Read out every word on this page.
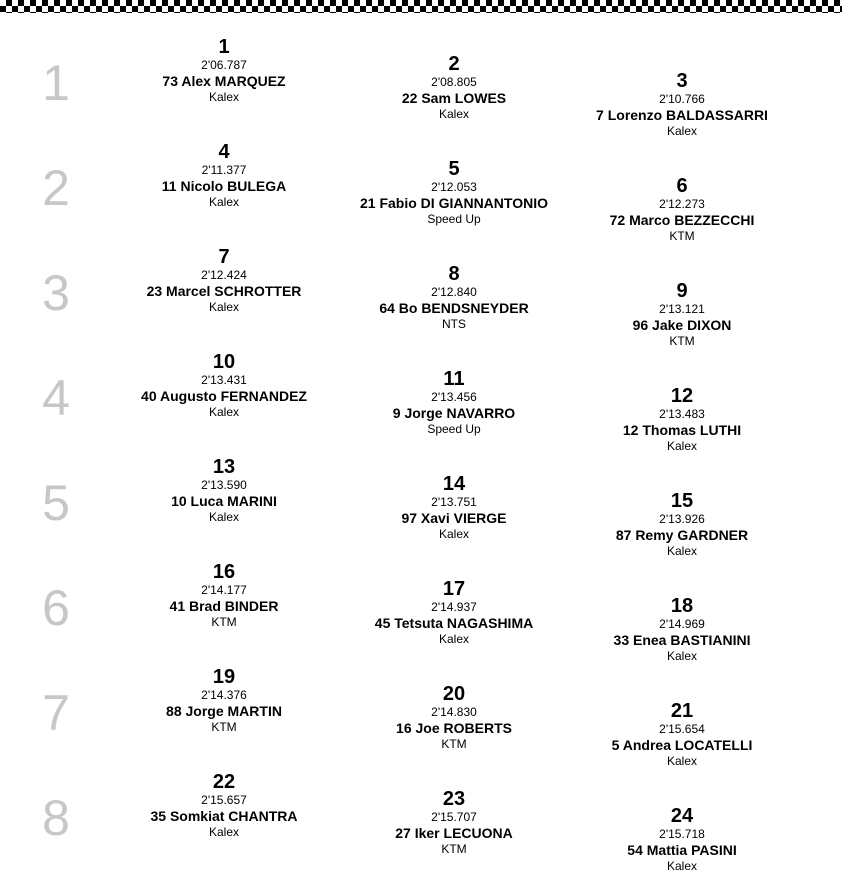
1
1
2'06.787
73 Alex MARQUEZ
Kalex
2
2'08.805
22 Sam LOWES
Kalex
3
2'10.766
7 Lorenzo BALDASSARRI
Kalex
2
4
2'11.377
11 Nicolo BULEGA
Kalex
5
2'12.053
21 Fabio DI GIANNANTONIO
Speed Up
6
2'12.273
72 Marco BEZZECCHI
KTM
3
7
2'12.424
23 Marcel SCHROTTER
Kalex
8
2'12.840
64 Bo BENDSNEYDER
NTS
9
2'13.121
96 Jake DIXON
KTM
4
10
2'13.431
40 Augusto FERNANDEZ
Kalex
11
2'13.456
9 Jorge NAVARRO
Speed Up
12
2'13.483
12 Thomas LUTHI
Kalex
5
13
2'13.590
10 Luca MARINI
Kalex
14
2'13.751
97 Xavi VIERGE
Kalex
15
2'13.926
87 Remy GARDNER
Kalex
6
16
2'14.177
41 Brad BINDER
KTM
17
2'14.937
45 Tetsuta NAGASHIMA
Kalex
18
2'14.969
33 Enea BASTIANINI
Kalex
7
19
2'14.376
88 Jorge MARTIN
KTM
20
2'14.830
16 Joe ROBERTS
KTM
21
2'15.654
5 Andrea LOCATELLI
Kalex
8
22
2'15.657
35 Somkiat CHANTRA
Kalex
23
2'15.707
27 Iker LECUONA
KTM
24
2'15.718
54 Mattia PASINI
Kalex
